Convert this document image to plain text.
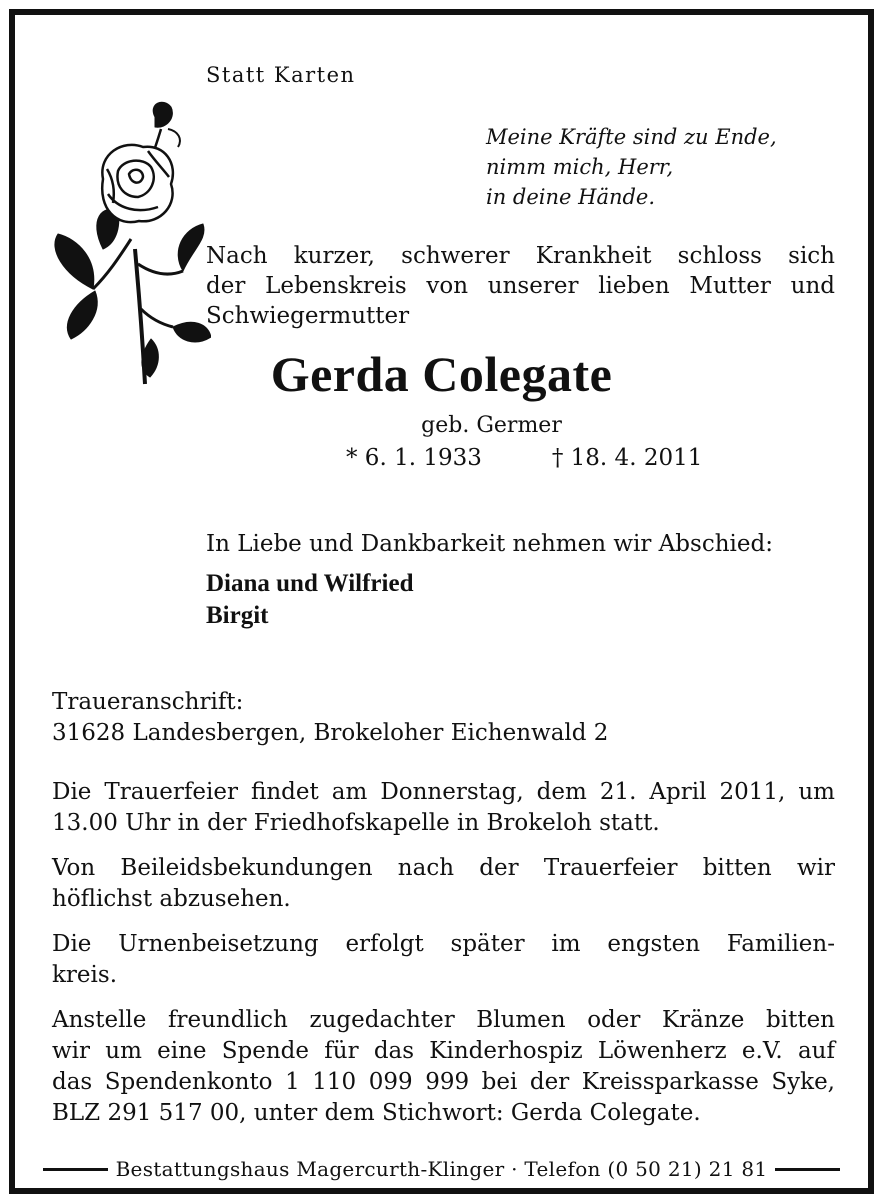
Statt Karten
Meine Kräfte sind zu Ende,
nimm mich, Herr,
in deine Hände.
Nach kurzer, schwerer Krankheit schloss sich
der Lebenskreis von unserer lieben Mutter und
Schwiegermutter
Gerda Colegate
geb. Germer
* 6. 1. 1933	† 18. 4. 2011
In Liebe und Dankbarkeit nehmen wir Abschied:
Diana und Wilfried
Birgit
Traueranschrift:
31628 Landesbergen, Brokeloher Eichenwald 2
Die Trauerfeier findet am Donnerstag, dem 21. April 2011, um
13.00 Uhr in der Friedhofskapelle in Brokeloh statt.
Von Beileidsbekundungen nach der Trauerfeier bitten wir
höflichst abzusehen.
Die Urnenbeisetzung erfolgt später im engsten Familien-
kreis.
Anstelle freundlich zugedachter Blumen oder Kränze bitten
wir um eine Spende für das Kinderhospiz Löwenherz e.V. auf
das Spendenkonto 1 110 099 999 bei der Kreissparkasse Syke,
BLZ 291 517 00, unter dem Stichwort: Gerda Colegate.
Bestattungshaus Magercurth-Klinger · Telefon (0 50 21) 21 81
